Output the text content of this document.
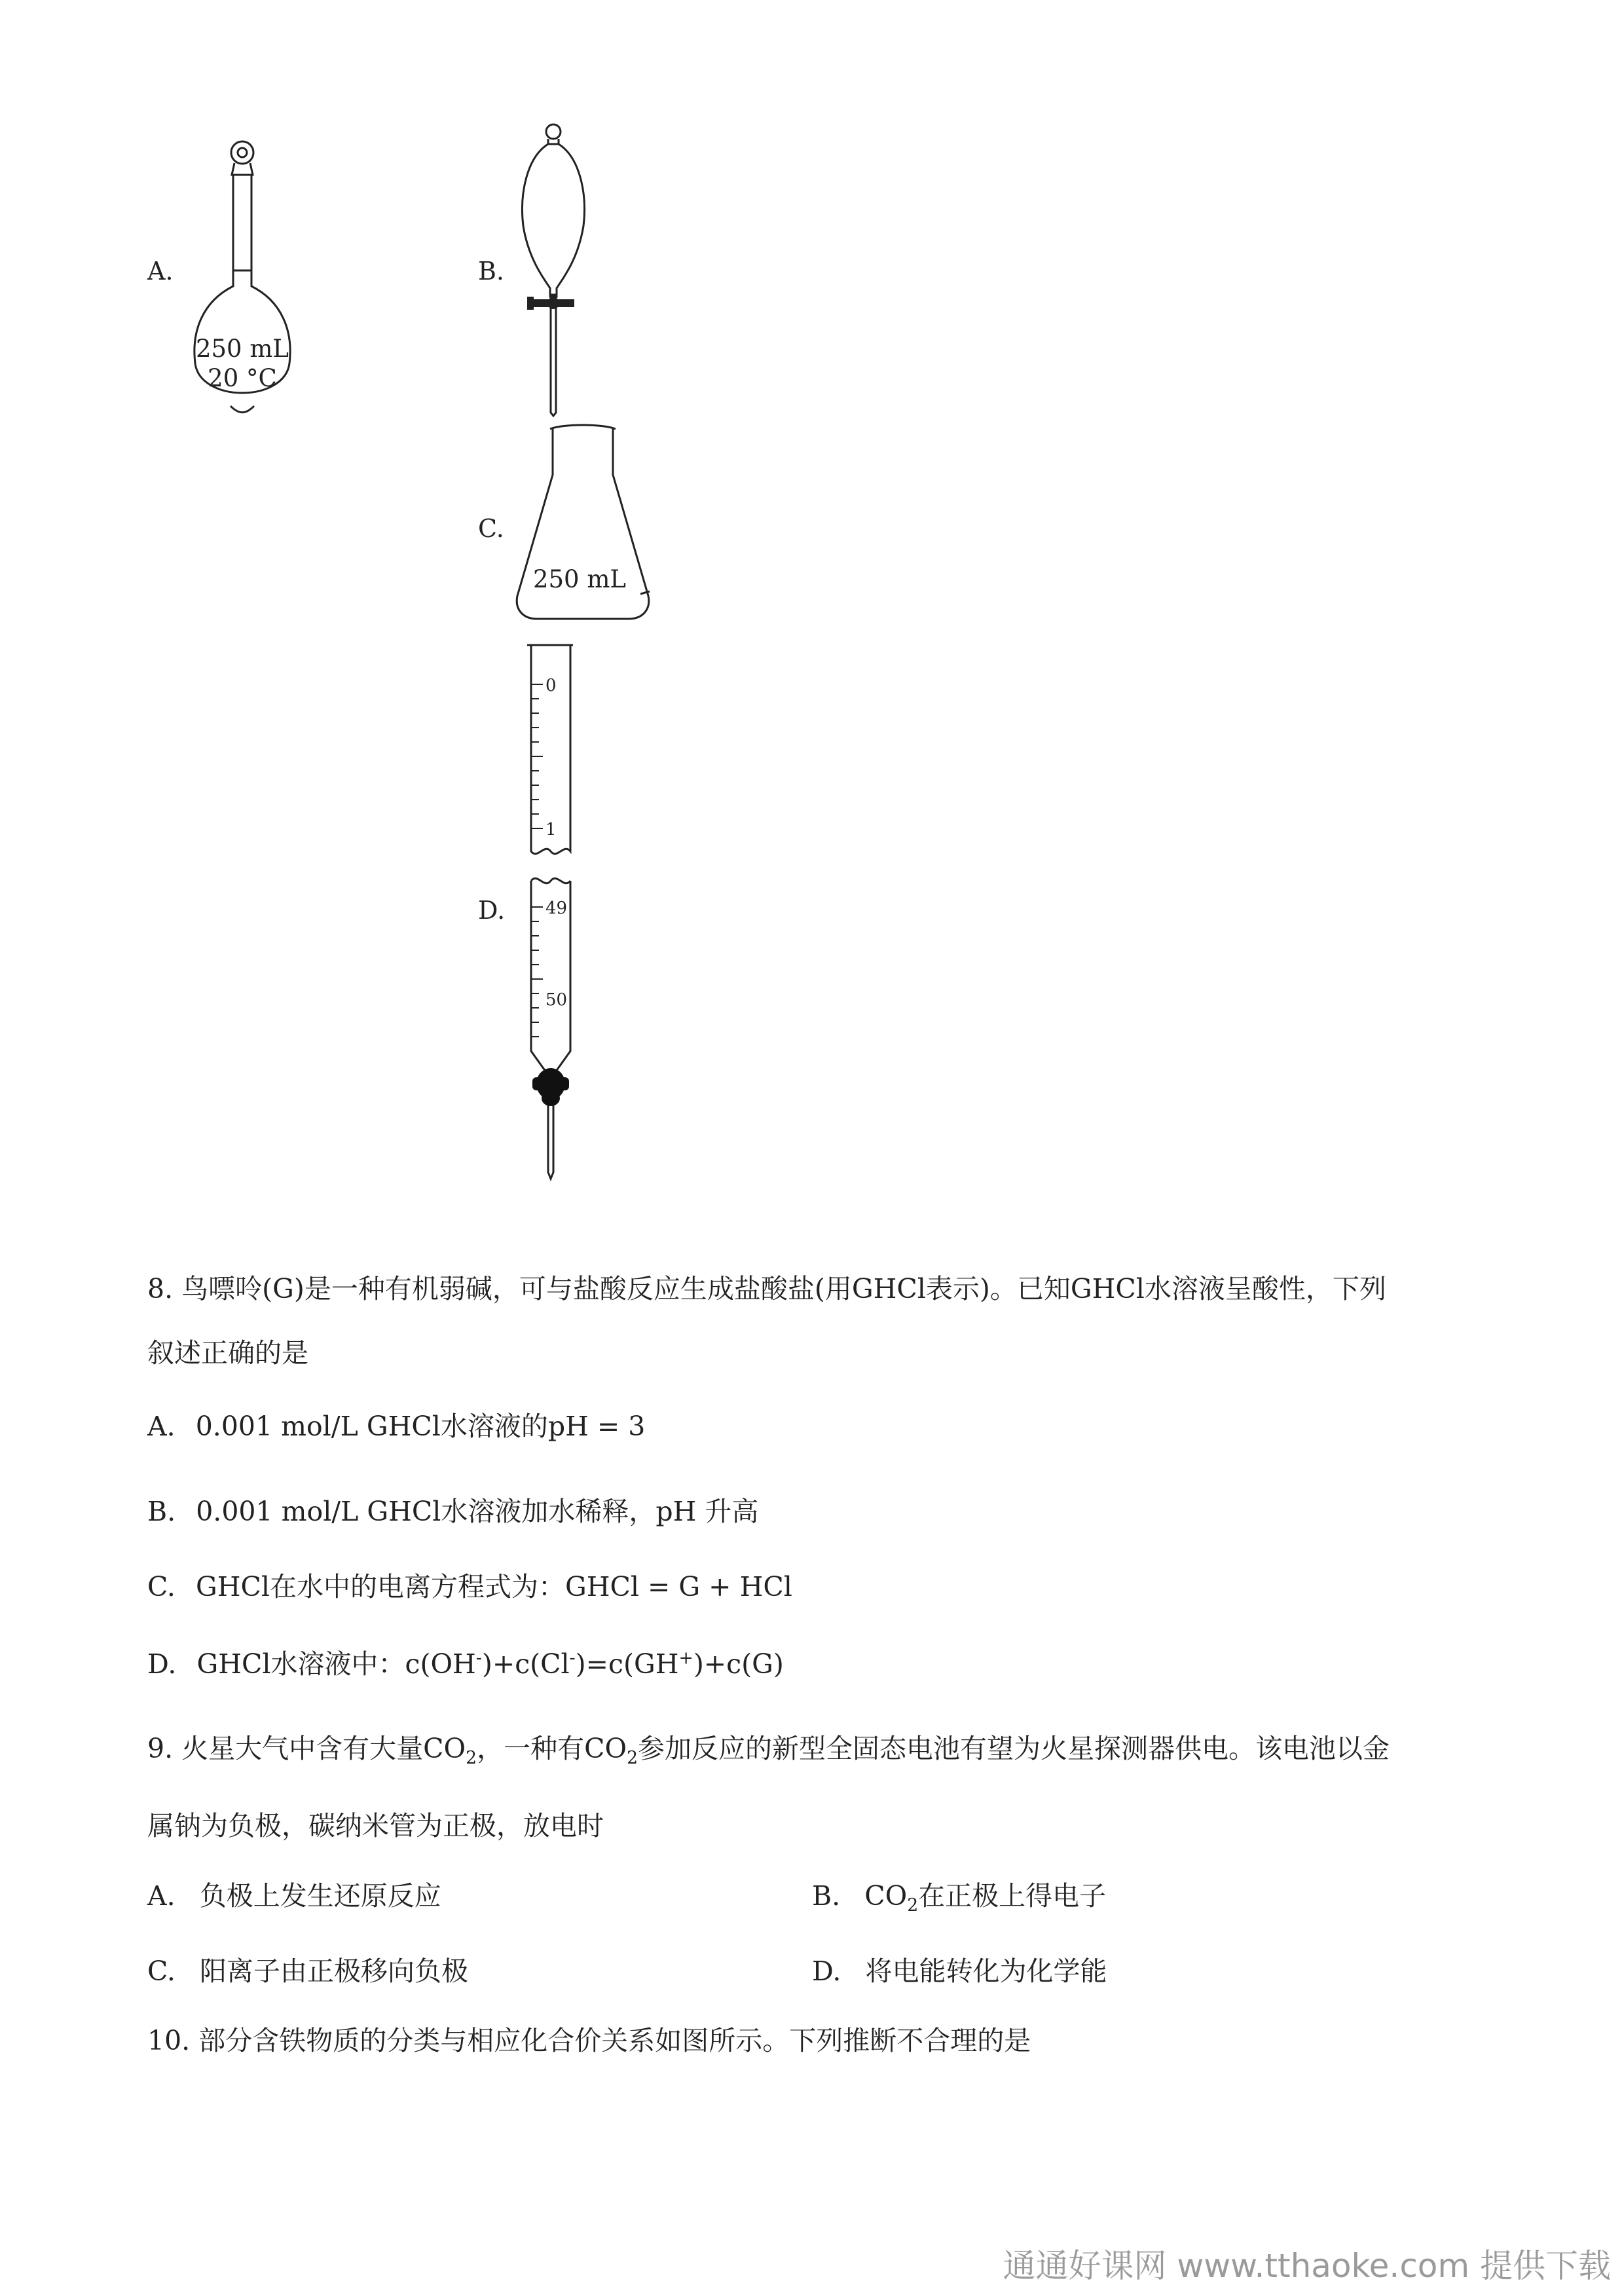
A.	B.
C.
D.
250 mL
20 °C
250 mL
0
1
49
50
8. 鸟嘌呤(G)是一种有机弱碱，可与盐酸反应生成盐酸盐(用GHCl表示)。已知GHCl水溶液呈酸性，下列
叙述正确的是
A. 0.001 mol/L GHCl水溶液的pH = 3
B. 0.001 mol/L GHCl水溶液加水稀释，pH 升高
C. GHCl在水中的电离方程式为：GHCl = G + HCl
D. GHCl水溶液中：c(OH-)+c(Cl-)=c(GH+)+c(G)
9. 火星大气中含有大量$CO_2$，一种有$CO_2$参加反应的新型全固态电池有望为火星探测器供电。该电池以金
属钠为负极，碳纳米管为正极，放电时
A. 负极上发生还原反应	B. $CO_2$在正极上得电子
C. 阳离子由正极移向负极	D. 将电能转化为化学能
10. 部分含铁物质的分类与相应化合价关系如图所示。下列推断不合理的是
通通好课网 www.tthaoke.com 提供下载
